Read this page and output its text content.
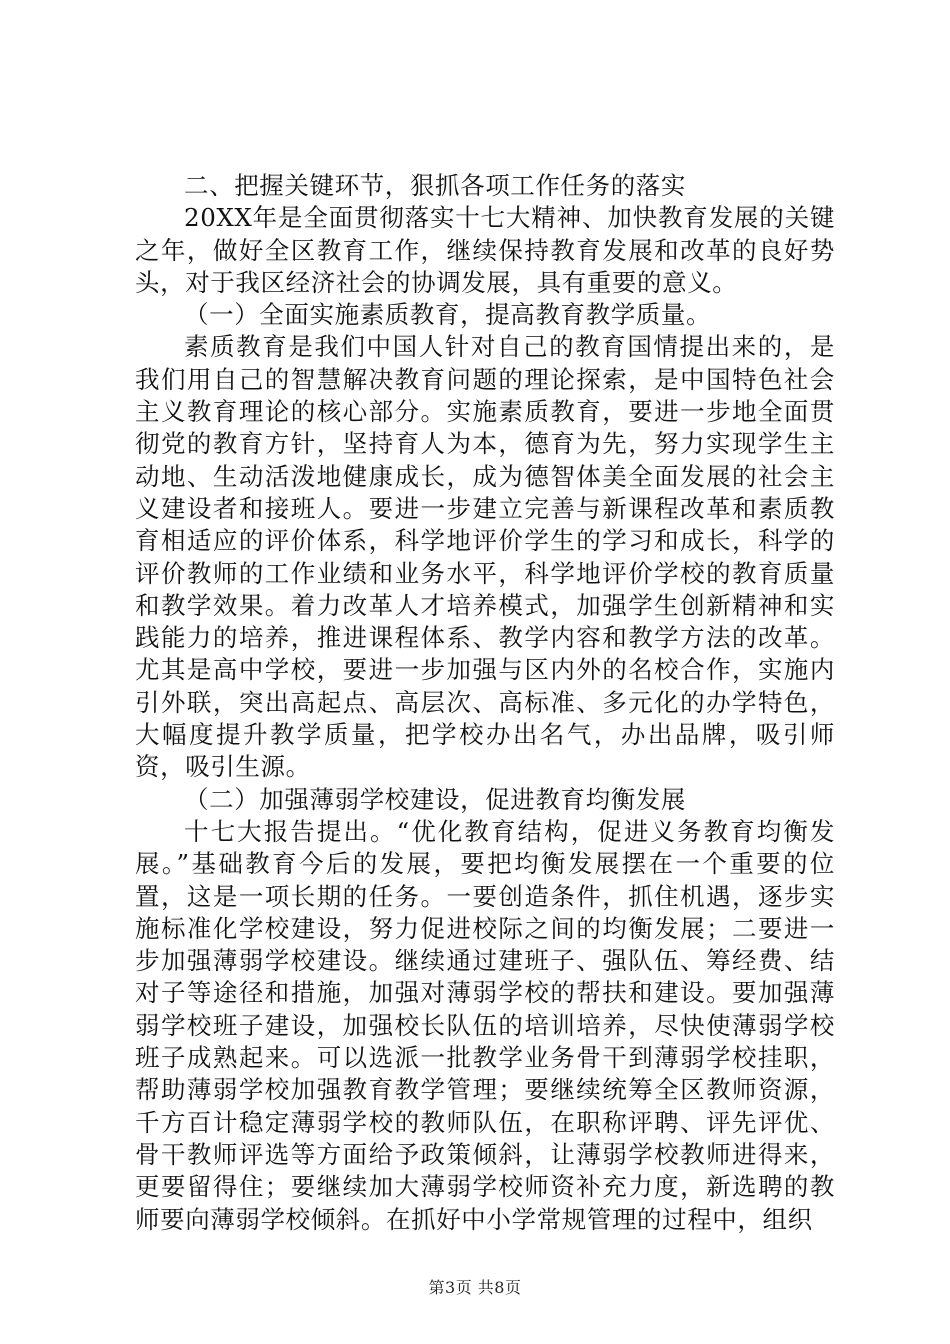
二、把握关键环节，狠抓各项工作任务的落实

20XX年是全面贯彻落实十七大精神、加快教育发展的关键之年，做好全区教育工作，继续保持教育发展和改革的良好势头，对于我区经济社会的协调发展，具有重要的意义。

（一）全面实施素质教育，提高教育教学质量。

素质教育是我们中国人针对自己的教育国情提出来的，是我们用自己的智慧解决教育问题的理论探索，是中国特色社会主义教育理论的核心部分。实施素质教育，要进一步地全面贯彻党的教育方针，坚持育人为本，德育为先，努力实现学生主动地、生动活泼地健康成长，成为德智体美全面发展的社会主义建设者和接班人。要进一步建立完善与新课程改革和素质教育相适应的评价体系，科学地评价学生的学习和成长，科学的评价教师的工作业绩和业务水平，科学地评价学校的教育质量和教学效果。着力改革人才培养模式，加强学生创新精神和实践能力的培养，推进课程体系、教学内容和教学方法的改革。尤其是高中学校，要进一步加强与区内外的名校合作，实施内引外联，突出高起点、高层次、高标准、多元化的办学特色，大幅度提升教学质量，把学校办出名气，办出品牌，吸引师资，吸引生源。

（二）加强薄弱学校建设，促进教育均衡发展

十七大报告提出。“优化教育结构，促进义务教育均衡发展。”基础教育今后的发展，要把均衡发展摆在一个重要的位置，这是一项长期的任务。一要创造条件，抓住机遇，逐步实施标准化学校建设，努力促进校际之间的均衡发展；二要进一步加强薄弱学校建设。继续通过建班子、强队伍、筹经费、结对子等途径和措施，加强对薄弱学校的帮扶和建设。要加强薄弱学校班子建设，加强校长队伍的培训培养，尽快使薄弱学校班子成熟起来。可以选派一批教学业务骨干到薄弱学校挂职，帮助薄弱学校加强教育教学管理；要继续统筹全区教师资源，千方百计稳定薄弱学校的教师队伍，在职称评聘、评先评优、骨干教师评选等方面给予政策倾斜，让薄弱学校教师进得来，更要留得住；要继续加大薄弱学校师资补充力度，新选聘的教师要向薄弱学校倾斜。在抓好中小学常规管理的过程中，组织

第3页 共8页
